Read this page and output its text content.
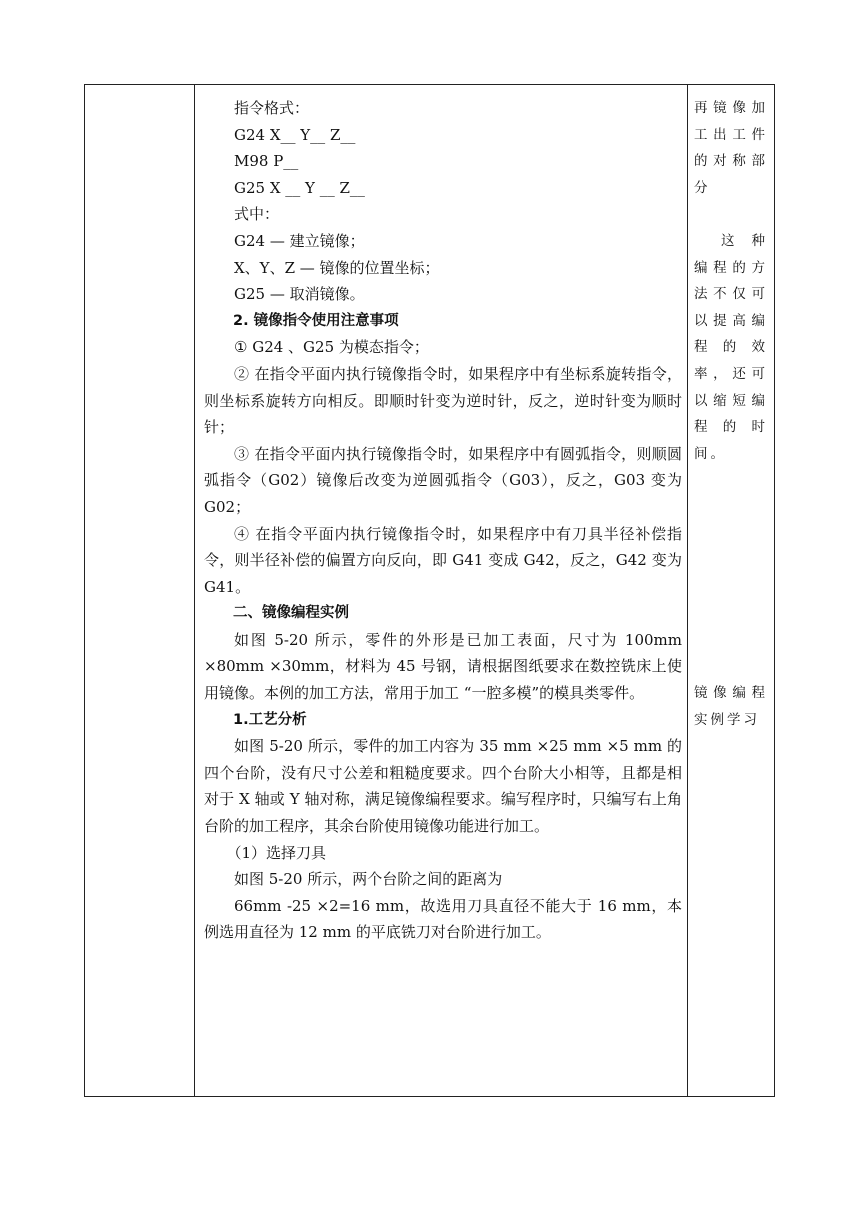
指令格式：

G24 X__ Y__ Z__

M98 P__

G25 X __ Y __ Z__

式中：

G24 — 建立镜像；

X、Y、Z — 镜像的位置坐标；

G25 — 取消镜像。

2. 镜像指令使用注意事项

① G24 、G25 为模态指令；

② 在指令平面内执行镜像指令时，如果程序中有坐标系旋转指令，则坐标系旋转方向相反。即顺时针变为逆时针，反之，逆时针变为顺时针；

③ 在指令平面内执行镜像指令时，如果程序中有圆弧指令，则顺圆弧指令（G02）镜像后改变为逆圆弧指令（G03），反之，G03 变为 G02；

④ 在指令平面内执行镜像指令时，如果程序中有刀具半径补偿指令，则半径补偿的偏置方向反向，即 G41 变成 G42，反之，G42 变为 G41。

二、镜像编程实例

如图 5-20 所示，零件的外形是已加工表面，尺寸为 100mm ×80mm ×30mm，材料为 45 号钢，请根据图纸要求在数控铣床上使用镜像。本例的加工方法，常用于加工 “一腔多模”的模具类零件。

1.工艺分析

如图 5-20 所示，零件的加工内容为 35 mm ×25 mm ×5 mm 的四个台阶，没有尺寸公差和粗糙度要求。四个台阶大小相等，且都是相对于 X 轴或 Y 轴对称，满足镜像编程要求。编写程序时，只编写右上角台阶的加工程序，其余台阶使用镜像功能进行加工。

（1）选择刀具

如图 5-20 所示，两个台阶之间的距离为

66mm -25 ×2=16 mm，故选用刀具直径不能大于 16 mm，本例选用直径为 12 mm 的平底铣刀对台阶进行加工。

再镜像加工出工件的对称部分

这种编程的方法不仅可以提高编程的效率，还可以缩短编程的时间。

镜像编程实例学习
